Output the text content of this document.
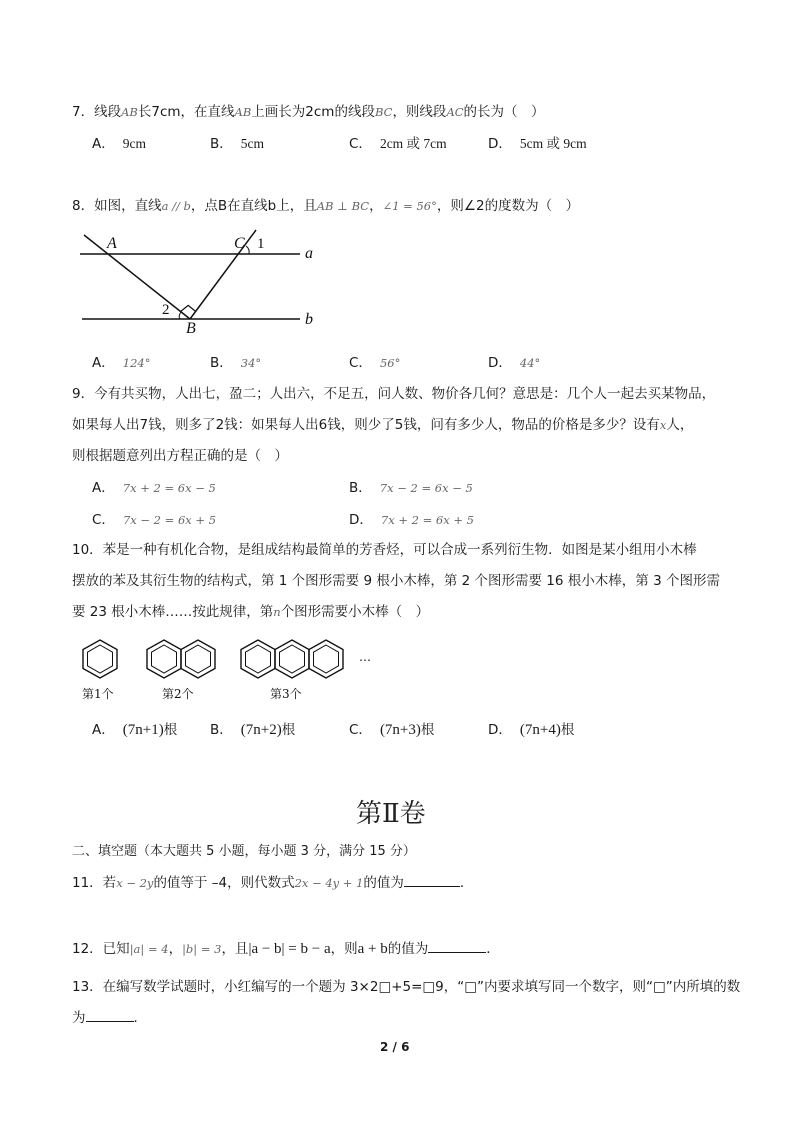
7．线段AB长7cm，在直线AB上画长为2cm的线段BC，则线段AC的长为（　）
A． 9cm	B． 5cm	C． 2cm 或 7cm	D． 5cm 或 9cm
8．如图，直线a // b，点B在直线b上，且AB ⊥ BC，∠1 = 56°，则∠2的度数为（　）
A	C 1
2
B
a
b
A． 124°	B． 34°	C． 56°	D． 44°
9．今有共买物，人出七，盈二；人出六，不足五，问人数、物价各几何？意思是：几个人一起去买某物品，
如果每人出7钱，则多了2钱：如果每人出6钱，则少了5钱，问有多少人，物品的价格是多少？设有x人，
则根据题意列出方程正确的是（　）
A． 7x + 2 = 6x − 5	B． 7x − 2 = 6x − 5
C． 7x − 2 = 6x + 5	D． 7x + 2 = 6x + 5
10．苯是一种有机化合物，是组成结构最简单的芳香烃，可以合成一系列衍生物．如图是某小组用小木棒
摆放的苯及其衍生物的结构式，第 1 个图形需要 9 根小木棒，第 2 个图形需要 16 根小木棒，第 3 个图形需
要 23 根小木棒……按此规律，第n个图形需要小木棒（　）
…
第1个	第2个	第3个
A． (7n+1)根 B． (7n+2)根	C． (7n+3)根	D． (7n+4)根
第Ⅱ卷
二、填空题（本大题共 5 小题，每小题 3 分，满分 15 分）
11．若x − 2y的值等于 –4，则代数式2x − 4y + 1的值为	．
12．已知|a| = 4，|b| = 3，且|a − b| = b − a，则a + b的值为	．
13．在编写数学试题时，小红编写的一个题为 3×2□+5=□9，“□”内要求填写同一个数字，则“□”内所填的数
为	．
2 / 6
